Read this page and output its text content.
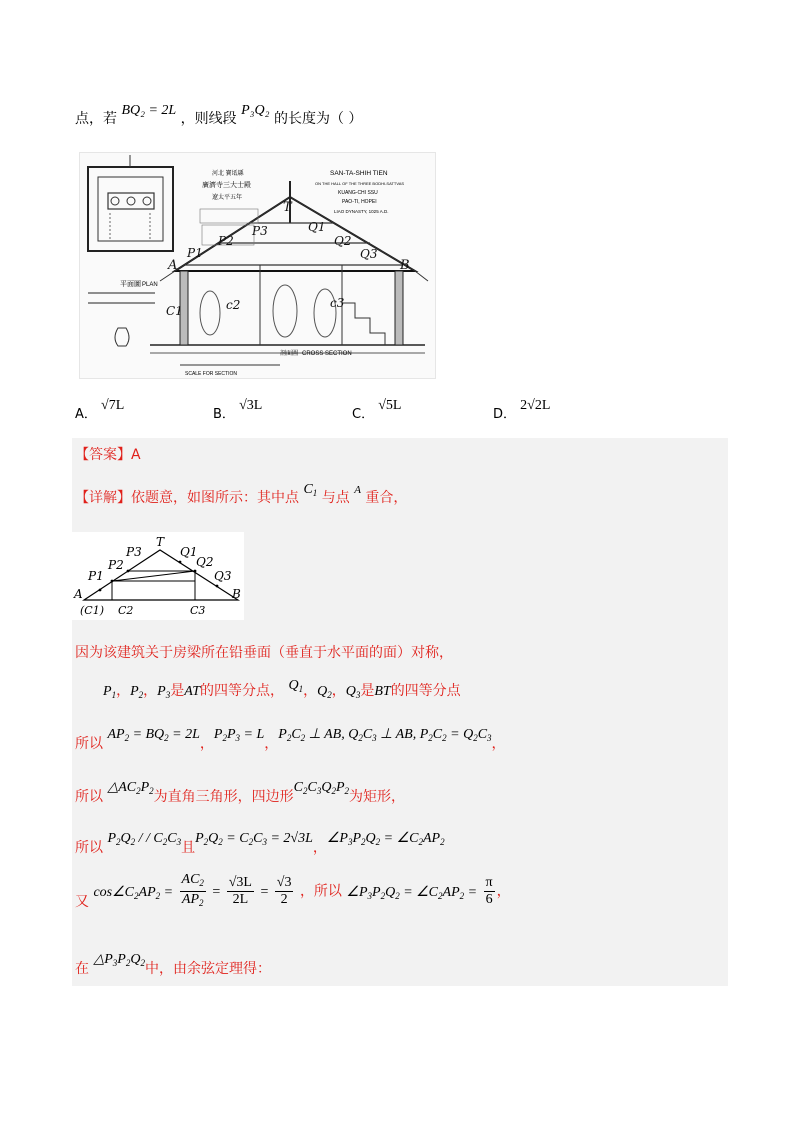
点，若 BQ₂ = 2L ，则线段 P₃Q₂ 的长度为（ ）
平面圖 PLAN
SCALE FOR SECTION
剖面圖 CROSS SECTION
SAN-TA-SHIH TIEN
ON THE HALL OF THE THREE BODHI-SATTVAS
KUANG-CHI SSU
PAO-TI, HOPEI
LIAO DYNASTY, 1025 A.D.
河北 寶坻縣
廣濟寺三大士殿
遼太平五年
T
P3
P2
P1
A
Q1
Q2
Q3
B
C1	c2	c3
A． √7L
B． √3L
C． √5L
D． 2√2L
【答案】A
【详解】依题意，如图所示：其中点 $C_1$ 与点 $^A$ 重合，
T
P3
P2
P1
Q1
Q2
Q3
A	B
(C1) C2	C3
因为该建筑关于房梁所在铅垂面（垂直于水平面的面）对称，
$P_1$，$P_2$，$P_3$是AT的四等分点， $Q_1$，$Q_2$，$Q_3$是BT的四等分点
所以 $AP_2 = BQ_2 = 2L$，$P_2P_3 = L$，$P_2C_2$ ⊥ AB, $Q_2C_3$ ⊥ AB, $P_2C_2 = Q_2C_3$，
所以 $\triangle AC_2P_2$为直角三角形，四边形$C_2C_3Q_2P_2$为矩形，
所以 $P_2Q_2$ / / $C_2C_3$且$P_2Q_2 = C_2C_3 = 2√3L$，$\angle P_3P_2Q_2$ = $\angle C_2AP_2$
又 $\cos\angle C_2AP_2 = \frac{AC_2}{AP_2} = \frac{√3L}{2L} = \frac{√3}{2}$ ，所以 $\angle P_3P_2Q_2$ = $\angle C_2AP_2 = \frac{\pi}{6}$ ，
在 $\triangle P_3P_2Q_2$中，由余弦定理得：
